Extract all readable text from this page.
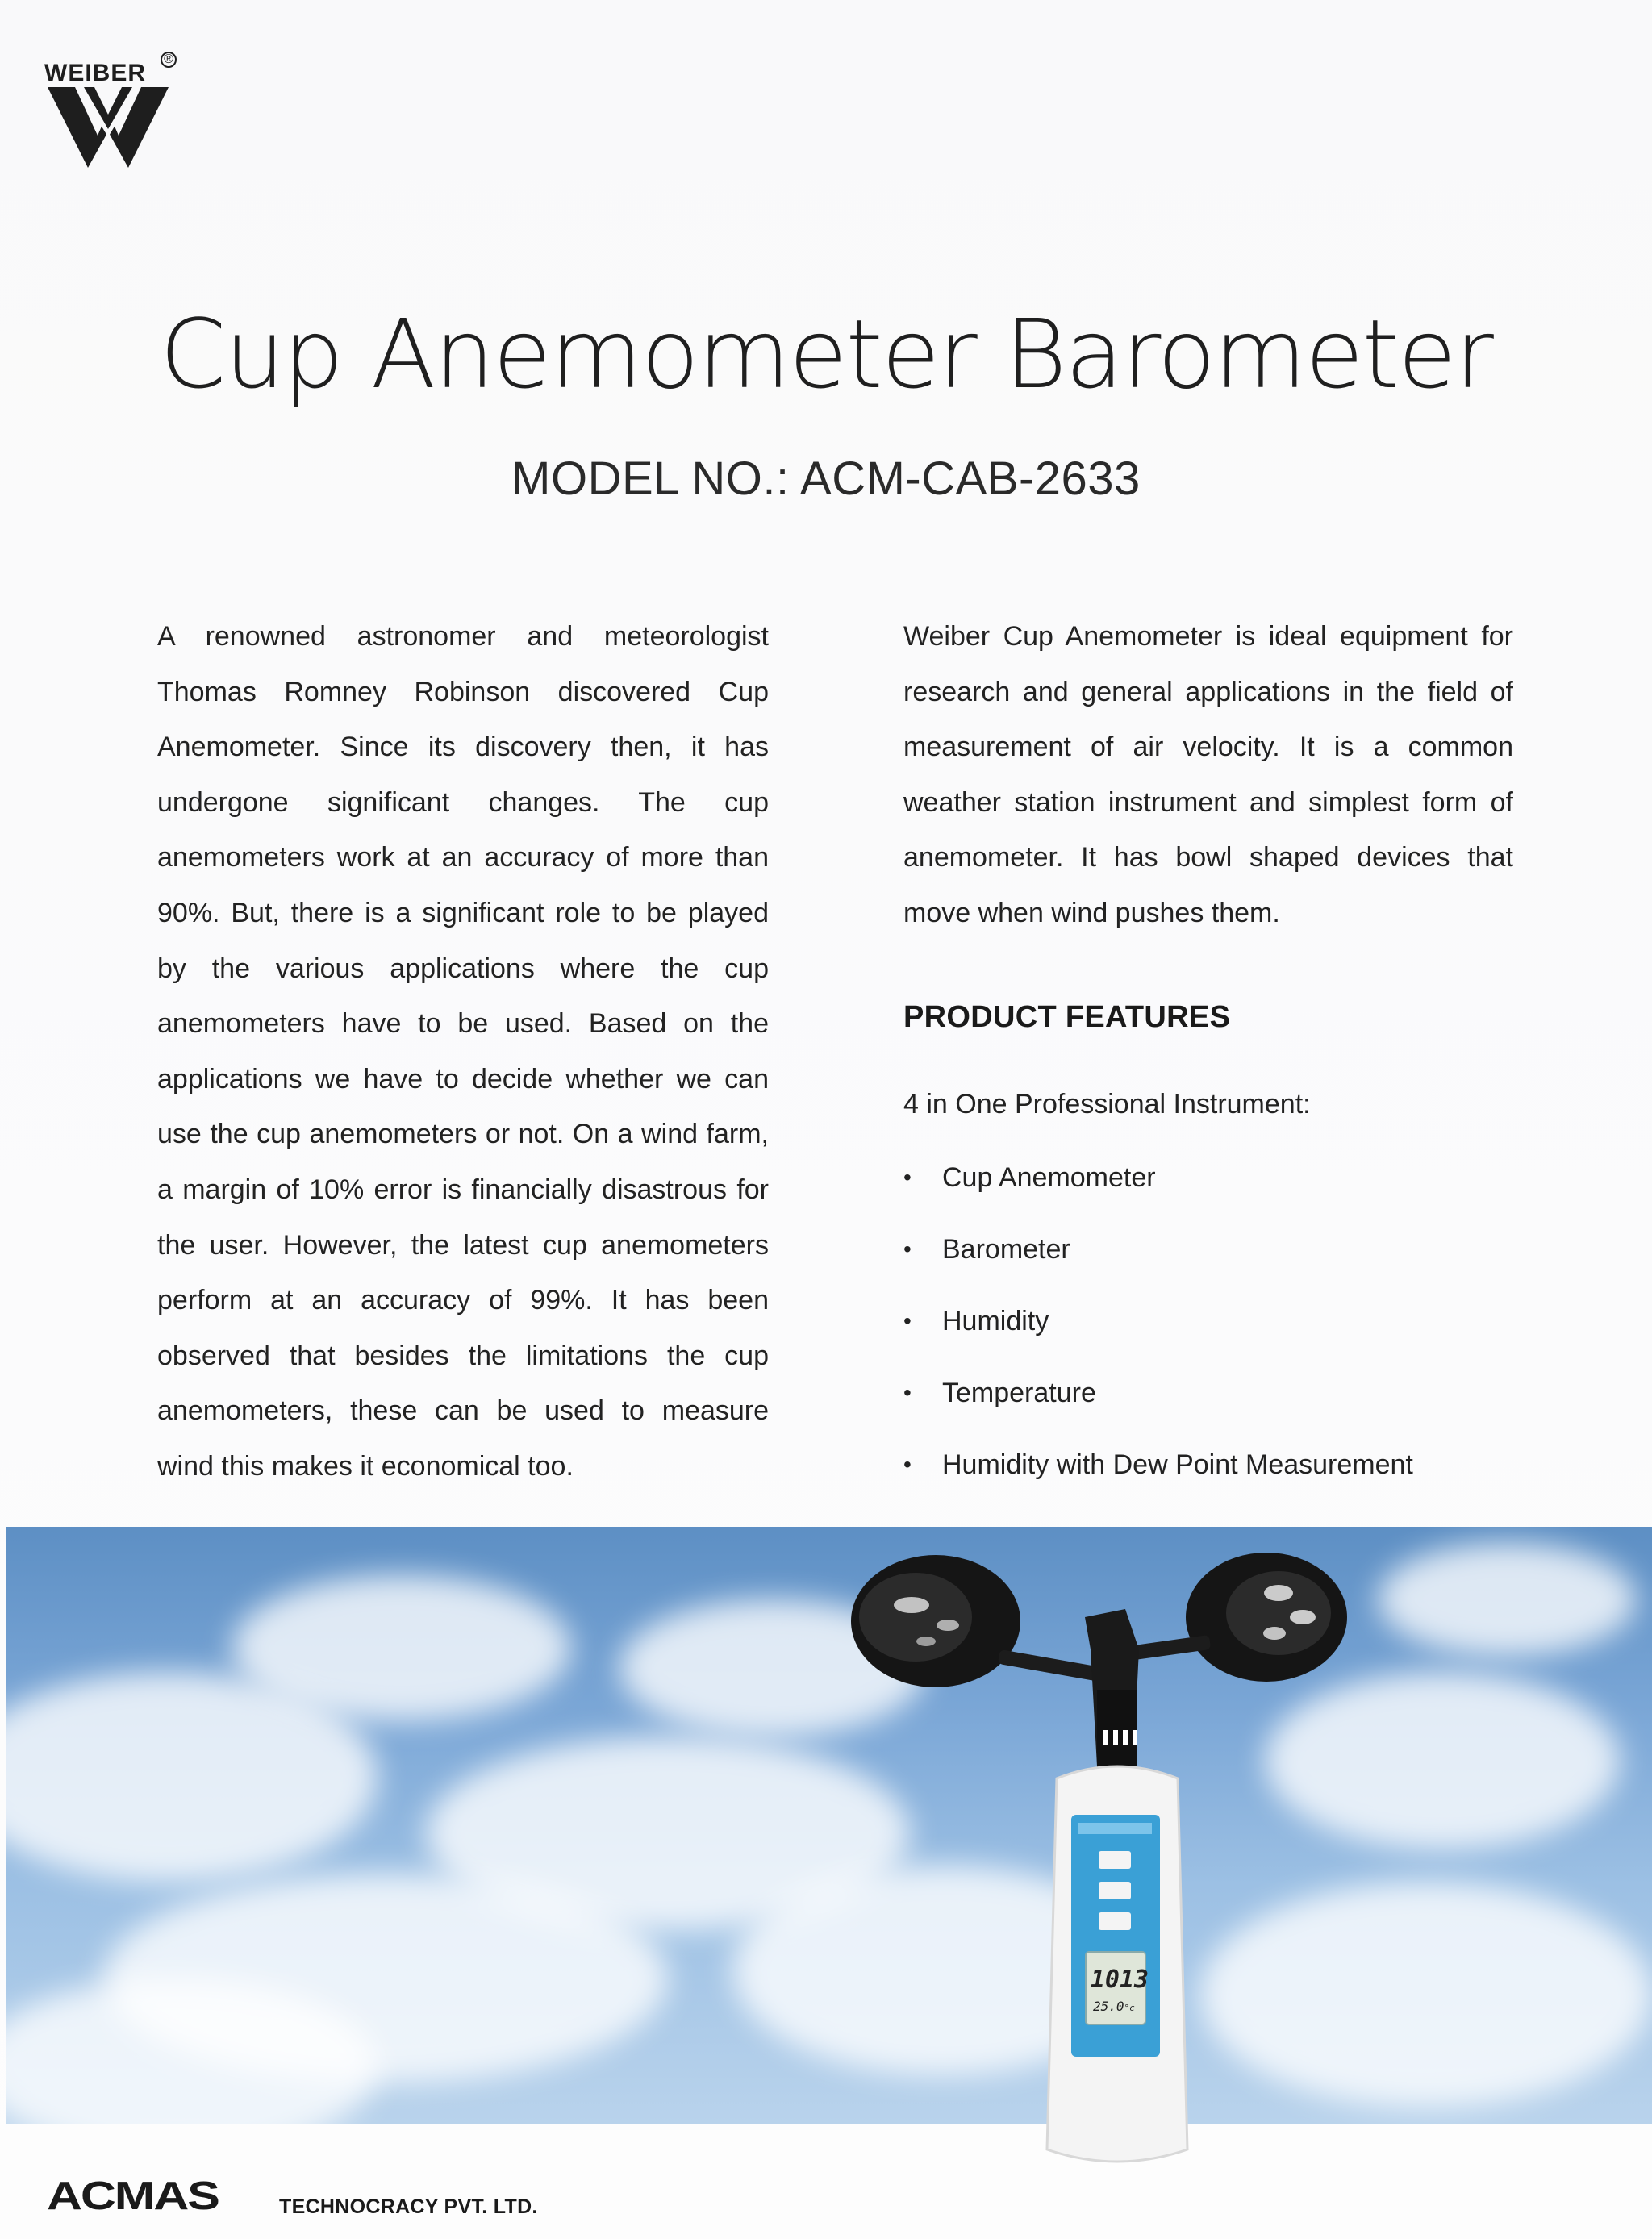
WEIBER
®
Cup Anemometer Barometer
MODEL NO.: ACM-CAB-2633
A renowned astronomer and meteorologist Thomas Romney Robinson discovered Cup Anemometer. Since its discovery then, it has undergone significant changes. The cup anemometers work at an accuracy of more than 90%. But, there is a significant role to be played by the various applications where the cup anemometers have to be used. Based on the applications we have to decide whether we can use the cup anemometers or not. On a wind farm, a margin of 10% error is financially disastrous for the user. However, the latest cup anemometers perform at an accuracy of 99%. It has been observed that besides the limitations the cup anemometers, these can be used to measure wind this makes it economical too.
Weiber Cup Anemometer is ideal equipment for research and general applications in the field of measurement of air velocity. It is a common weather station instrument and simplest form of anemometer. It has bowl shaped devices that move when wind pushes them.
PRODUCT FEATURES
4 in One Professional Instrument:
• Cup Anemometer
• Barometer
• Humidity
• Temperature
• Humidity with Dew Point Measurement
1013
25.0°c
ACMAS	TECHNOCRACY PVT. LTD.
